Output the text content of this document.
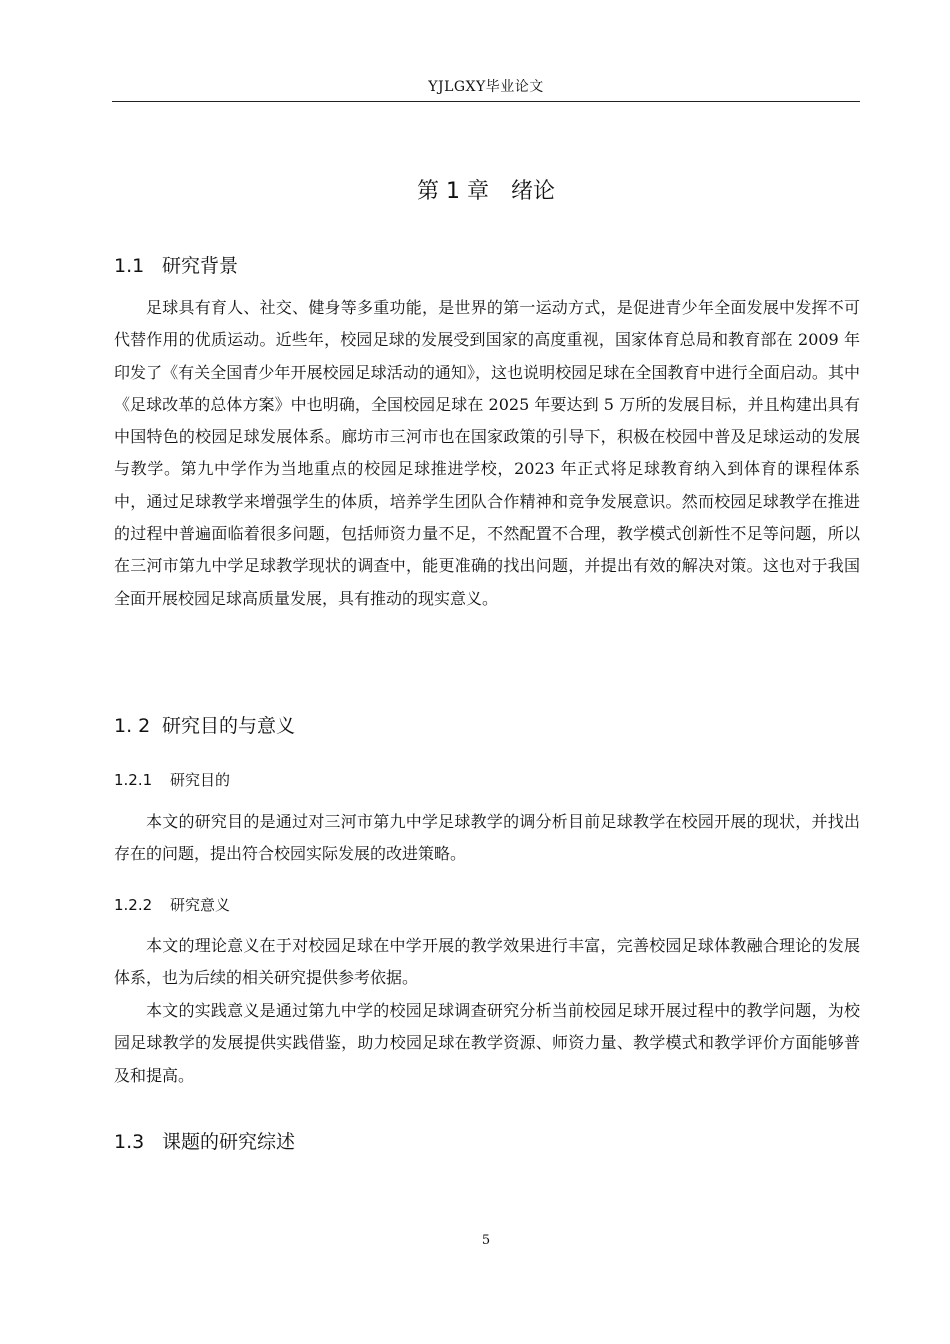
YJLGXY毕业论文
第 1 章　绪论
1.1 研究背景

足球具有育人、社交、健身等多重功能，是世界的第一运动方式，是促进青少年全面发展中发挥不可代替作用的优质运动。近些年，校园足球的发展受到国家的高度重视，国家体育总局和教育部在 2009 年印发了《有关全国青少年开展校园足球活动的通知》，这也说明校园足球在全国教育中进行全面启动。其中《足球改革的总体方案》中也明确，全国校园足球在 2025 年要达到 5 万所的发展目标，并且构建出具有中国特色的校园足球发展体系。廊坊市三河市也在国家政策的引导下，积极在校园中普及足球运动的发展与教学。第九中学作为当地重点的校园足球推进学校，2023 年正式将足球教育纳入到体育的课程体系中，通过足球教学来增强学生的体质，培养学生团队合作精神和竞争发展意识。然而校园足球教学在推进的过程中普遍面临着很多问题，包括师资力量不足，不然配置不合理，教学模式创新性不足等问题，所以在三河市第九中学足球教学现状的调查中，能更准确的找出问题，并提出有效的解决对策。这也对于我国全面开展校园足球高质量发展，具有推动的现实意义。

1. 2 研究目的与意义
1.2.1 研究目的

本文的研究目的是通过对三河市第九中学足球教学的调分析目前足球教学在校园开展的现状，并找出存在的问题，提出符合校园实际发展的改进策略。

1.2.2 研究意义

本文的理论意义在于对校园足球在中学开展的教学效果进行丰富，完善校园足球体教融合理论的发展体系，也为后续的相关研究提供参考依据。

本文的实践意义是通过第九中学的校园足球调查研究分析当前校园足球开展过程中的教学问题，为校园足球教学的发展提供实践借鉴，助力校园足球在教学资源、师资力量、教学模式和教学评价方面能够普及和提高。

1.3 课题的研究综述
5
